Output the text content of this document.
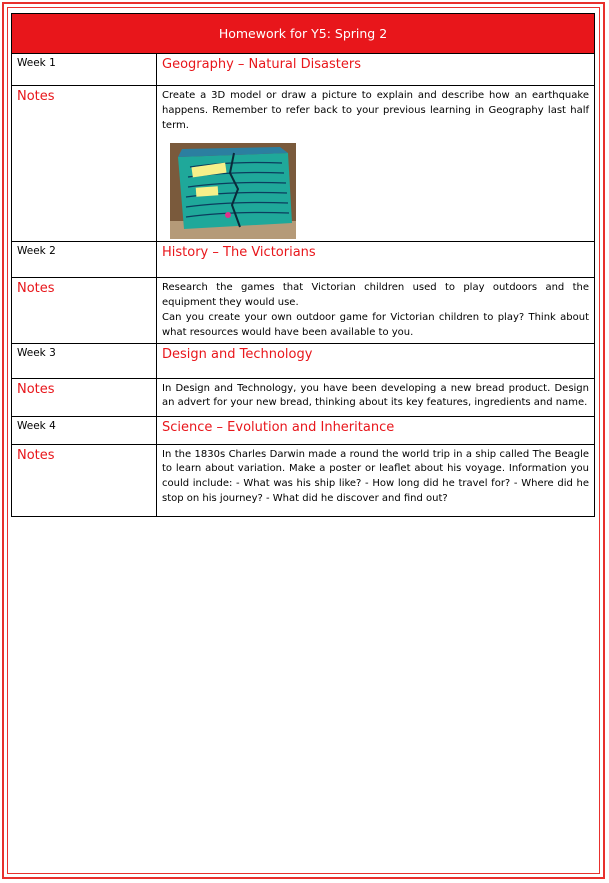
Homework for Y5: Spring 2	
Week 1	Geography – Natural Disasters
Notes	Create a 3D model or draw a picture to explain and describe how an earthquake happens. Remember to refer back to your previous learning in Geography last half term.

Week 2	History – The Victorians
Notes	Research the games that Victorian children used to play outdoors and the equipment they would use.
Can you create your own outdoor game for Victorian children to play? Think about what resources would have been available to you.

Week 3	Design and Technology
Notes	In Design and Technology, you have been developing a new bread product. Design an advert for your new bread, thinking about its key features, ingredients and name.

Week 4	Science – Evolution and Inheritance
Notes	In the 1830s Charles Darwin made a round the world trip in a ship called The Beagle to learn about variation. Make a poster or leaflet about his voyage. Information you could include: - What was his ship like? - How long did he travel for? - Where did he stop on his journey? - What did he discover and find out?
